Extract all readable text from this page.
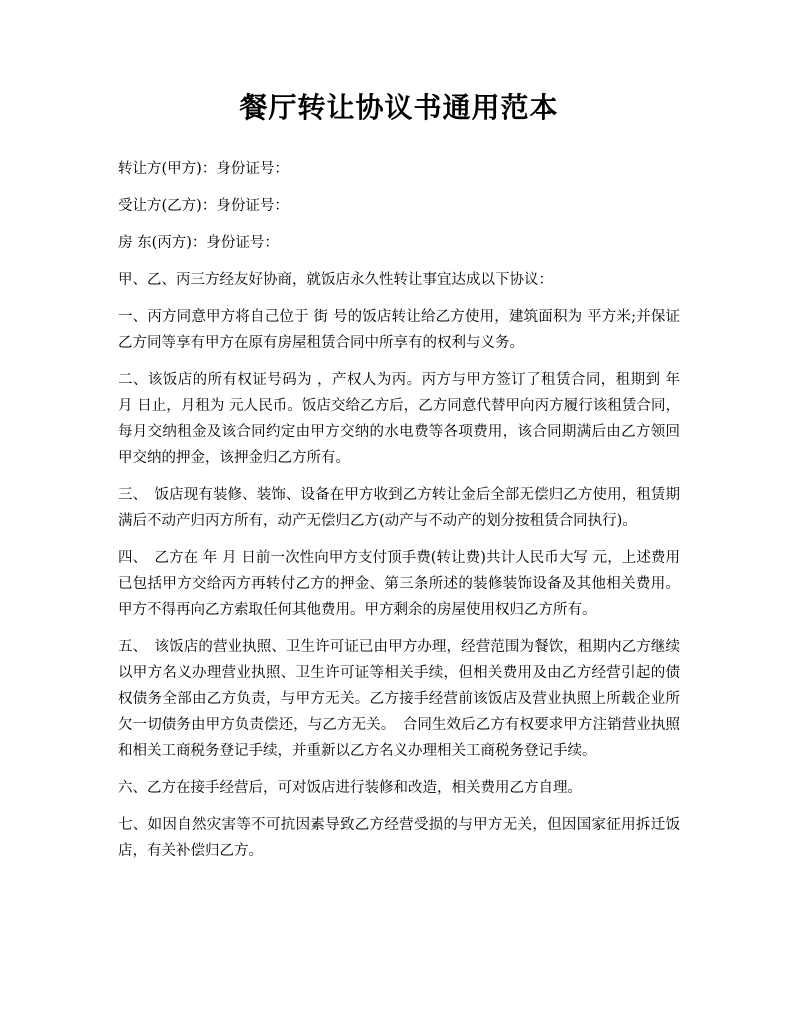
餐厅转让协议书通用范本

转让方(甲方)：身份证号：

受让方(乙方)：身份证号：

房 东(丙方)：身份证号：

甲、乙、丙三方经友好协商，就饭店永久性转让事宜达成以下协议：

一、丙方同意甲方将自己位于 街 号的饭店转让给乙方使用，建筑面积为 平方米;并保证乙方同等享有甲方在原有房屋租赁合同中所享有的权利与义务。

二、该饭店的所有权证号码为 ，产权人为丙。丙方与甲方签订了租赁合同，租期到 年 月 日止，月租为 元人民币。饭店交给乙方后，乙方同意代替甲向丙方履行该租赁合同，每月交纳租金及该合同约定由甲方交纳的水电费等各项费用，该合同期满后由乙方领回甲交纳的押金，该押金归乙方所有。

三、　饭店现有装修、装饰、设备在甲方收到乙方转让金后全部无偿归乙方使用，租赁期满后不动产归丙方所有，动产无偿归乙方(动产与不动产的划分按租赁合同执行)。

四、　乙方在 年 月 日前一次性向甲方支付顶手费(转让费)共计人民币大写 元，上述费用已包括甲方交给丙方再转付乙方的押金、第三条所述的装修装饰设备及其他相关费用。甲方不得再向乙方索取任何其他费用。甲方剩余的房屋使用权归乙方所有。

五、　该饭店的营业执照、卫生许可证已由甲方办理，经营范围为餐饮，租期内乙方继续以甲方名义办理营业执照、卫生许可证等相关手续，但相关费用及由乙方经营引起的债权债务全部由乙方负责，与甲方无关。乙方接手经营前该饭店及营业执照上所载企业所欠一切债务由甲方负责偿还，与乙方无关。　合同生效后乙方有权要求甲方注销营业执照和相关工商税务登记手续，并重新以乙方名义办理相关工商税务登记手续。

六、乙方在接手经营后，可对饭店进行装修和改造，相关费用乙方自理。

七、如因自然灾害等不可抗因素导致乙方经营受损的与甲方无关，但因国家征用拆迁饭店，有关补偿归乙方。
